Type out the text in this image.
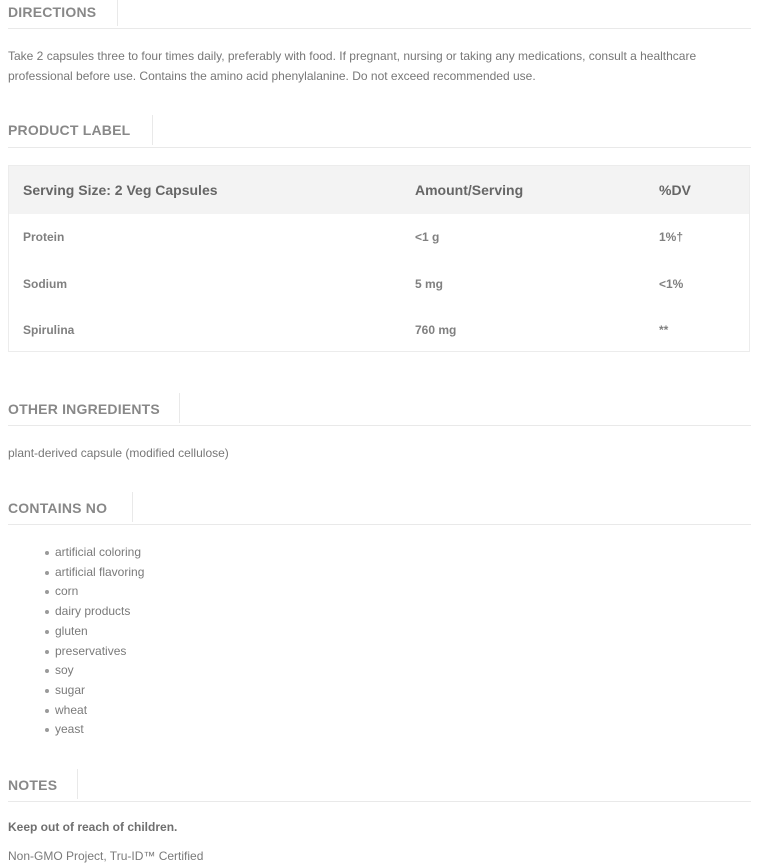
DIRECTIONS
Take 2 capsules three to four times daily, preferably with food. If pregnant, nursing or taking any medications, consult a healthcare professional before use. Contains the amino acid phenylalanine. Do not exceed recommended use.
PRODUCT LABEL
Serving Size: 2 Veg Capsules	Amount/Serving	%DV
Protein	<1 g	1%†
Sodium	5 mg	<1%
Spirulina	760 mg	**
OTHER INGREDIENTS
plant-derived capsule (modified cellulose)
CONTAINS NO
artificial coloring
artificial flavoring
corn
dairy products
gluten
preservatives
soy
sugar
wheat
yeast
NOTES
Keep out of reach of children.
Non-GMO Project, Tru-ID™ Certified
